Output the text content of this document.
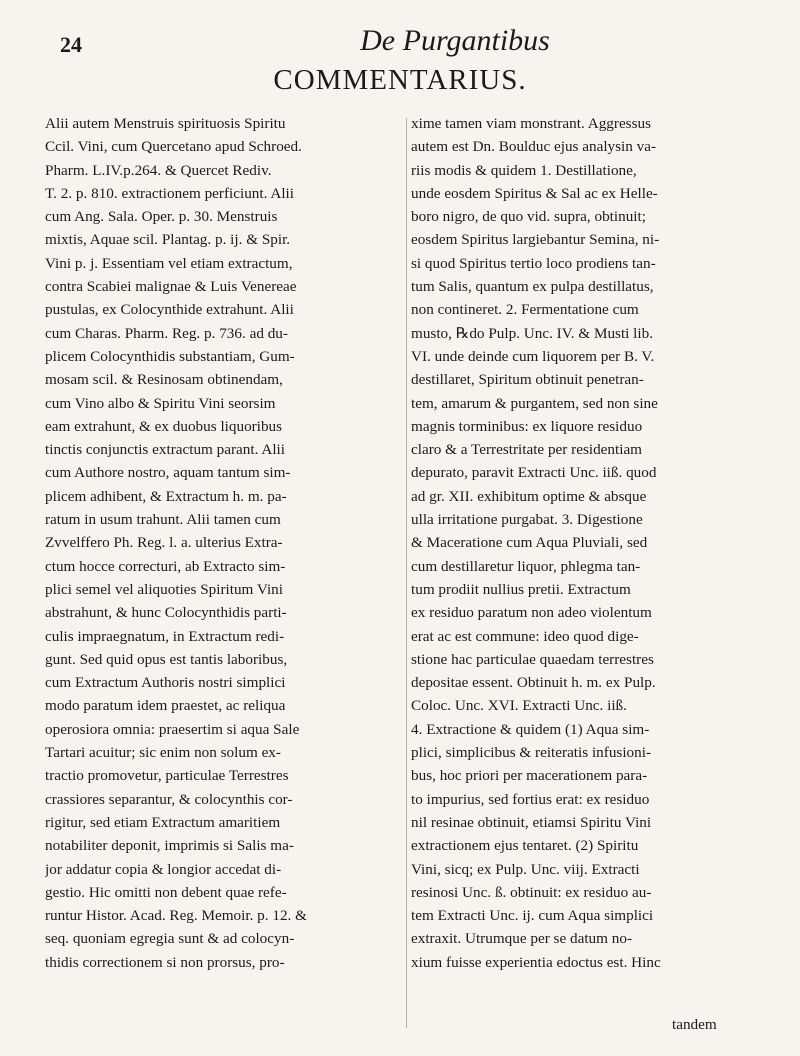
24	De Purgantibus
COMMENTARIUS.
Alii autem Menstruis spirituosis Spiritu
Ccil. Vini, cum Quercetano apud Schroed.
Pharm. L.IV.p.264. & Quercet Rediv.
T. 2. p. 810. extractionem perficiunt. Alii
cum Ang. Sala. Oper. p. 30. Menstruis
mixtis, Aquae scil. Plantag. p. ij. & Spir.
Vini p. j. Essentiam vel etiam extractum,
contra Scabiei malignae & Luis Venereae
pustulas, ex Colocynthide extrahunt. Alii
cum Charas. Pharm. Reg. p. 736. ad du-
plicem Colocynthidis substantiam, Gum-
mosam scil. & Resinosam obtinendam,
cum Vino albo & Spiritu Vini seorsim
eam extrahunt, & ex duobus liquoribus
tinctis conjunctis extractum parant. Alii
cum Authore nostro, aquam tantum sim-
plicem adhibent, & Extractum h. m. pa-
ratum in usum trahunt. Alii tamen cum
Zvvelffero Ph. Reg. l. a. ulterius Extra-
ctum hocce correcturi, ab Extracto sim-
plici semel vel aliquoties Spiritum Vini
abstrahunt, & hunc Colocynthidis parti-
culis impraegnatum, in Extractum redi-
gunt. Sed quid opus est tantis laboribus,
cum Extractum Authoris nostri simplici
modo paratum idem praestet, ac reliqua
operosiora omnia: praesertim si aqua Sale
Tartari acuitur; sic enim non solum ex-
tractio promovetur, particulae Terrestres
crassiores separantur, & colocynthis cor-
rigitur, sed etiam Extractum amaritiem
notabiliter deponit, imprimis si Salis ma-
jor addatur copia & longior accedat di-
gestio. Hic omitti non debent quae refe-
runtur Histor. Acad. Reg. Memoir. p. 12. &
seq. quoniam egregia sunt & ad colocyn-
thidis correctionem si non prorsus, pro-
xime tamen viam monstrant. Aggressus
autem est Dn. Boulduc ejus analysin va-
riis modis & quidem 1. Destillatione,
unde eosdem Spiritus & Sal ac ex Helle-
boro nigro, de quo vid. supra, obtinuit;
eosdem Spiritus largiebantur Semina, ni-
si quod Spiritus tertio loco prodiens tan-
tum Salis, quantum ex pulpa destillatus,
non contineret. 2. Fermentatione cum
musto, ℞do Pulp. Unc. IV. & Musti lib.
VI. unde deinde cum liquorem per B. V.
destillaret, Spiritum obtinuit penetran-
tem, amarum & purgantem, sed non sine
magnis torminibus: ex liquore residuo
claro & a Terrestritate per residentiam
depurato, paravit Extracti Unc. iiß. quod
ad gr. XII. exhibitum optime & absque
ulla irritatione purgabat. 3. Digestione
& Maceratione cum Aqua Pluviali, sed
cum destillaretur liquor, phlegma tan-
tum prodiit nullius pretii. Extractum
ex residuo paratum non adeo violentum
erat ac est commune: ideo quod dige-
stione hac particulae quaedam terrestres
depositae essent. Obtinuit h. m. ex Pulp.
Coloc. Unc. XVI. Extracti Unc. iiß.
4. Extractione & quidem (1) Aqua sim-
plici, simplicibus & reiteratis infusioni-
bus, hoc priori per macerationem para-
to impurius, sed fortius erat: ex residuo
nil resinae obtinuit, etiamsi Spiritu Vini
extractionem ejus tentaret. (2) Spiritu
Vini, sicq; ex Pulp. Unc. viij. Extracti
resinosi Unc. ß. obtinuit: ex residuo au-
tem Extracti Unc. ij. cum Aqua simplici
extraxit. Utrumque per se datum no-
xium fuisse experientia edoctus est. Hinc
tandem
